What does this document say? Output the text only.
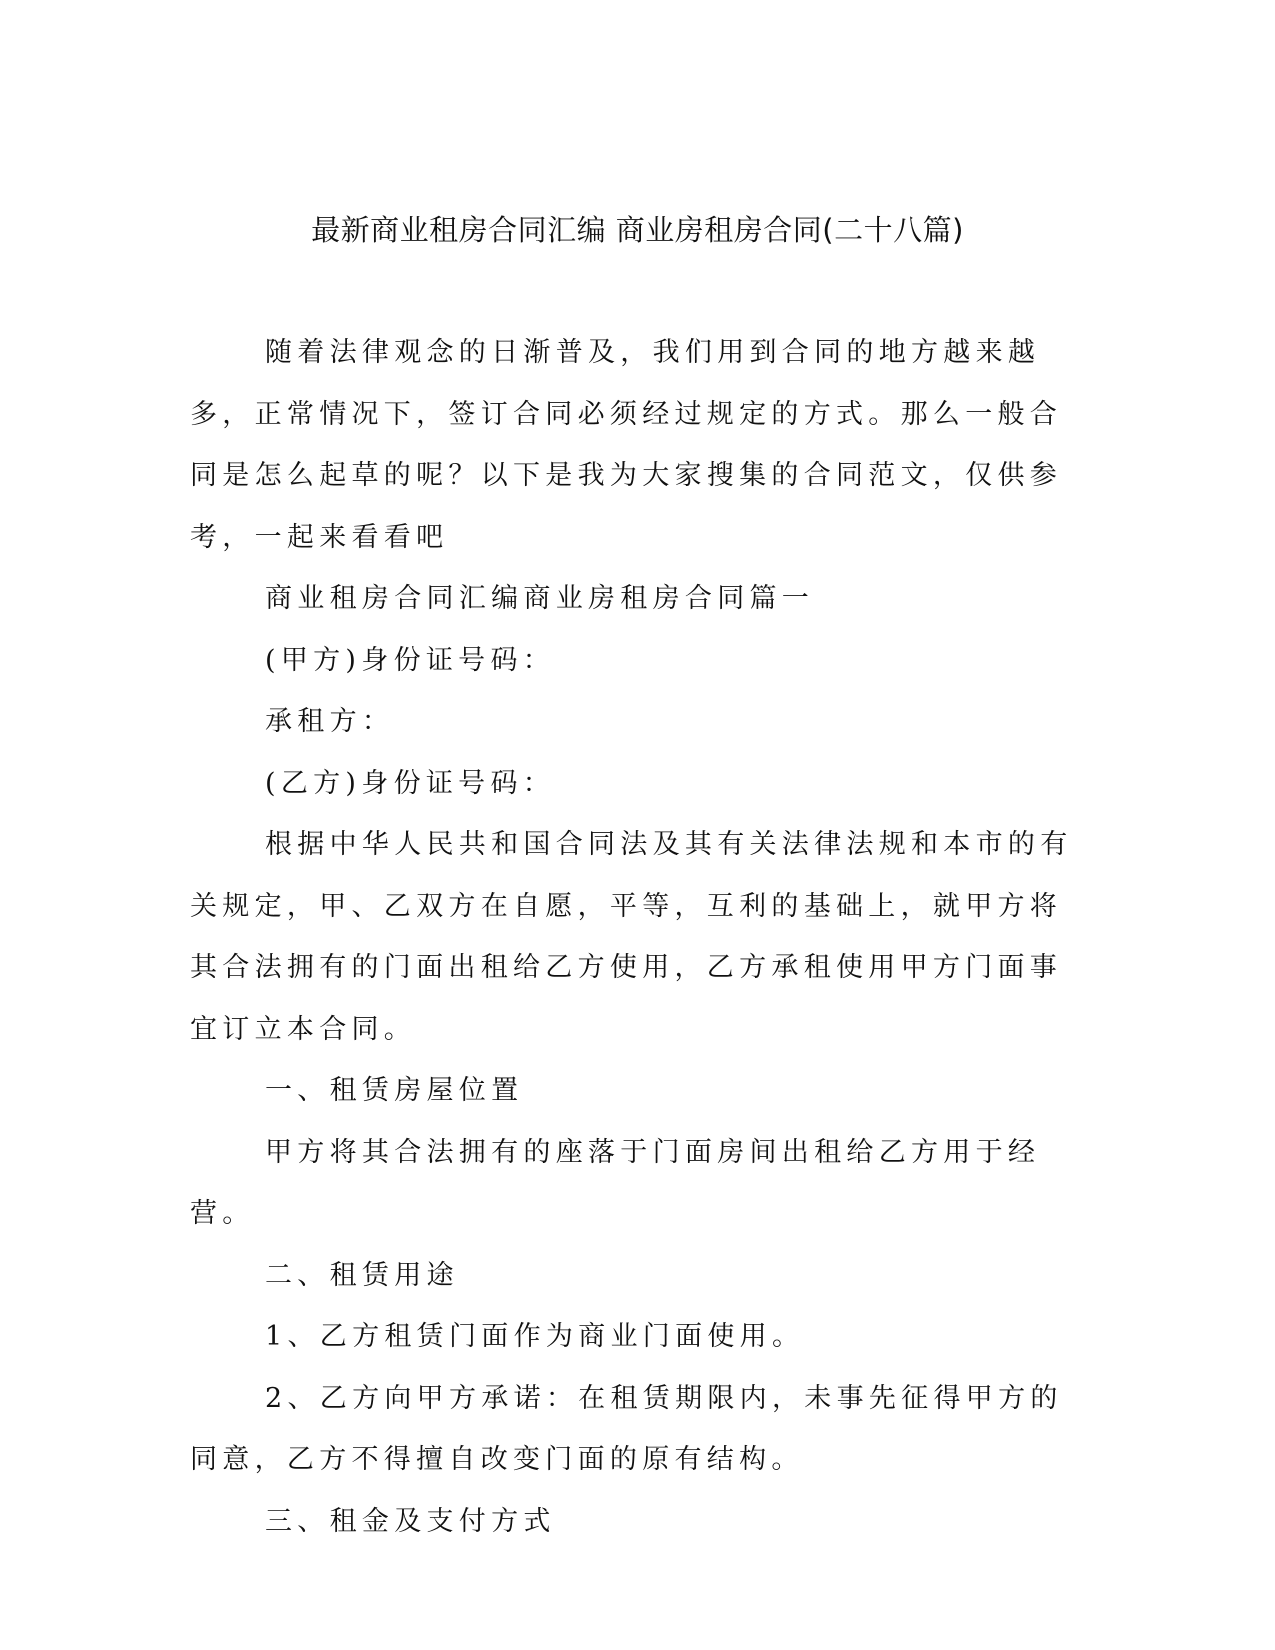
最新商业租房合同汇编 商业房租房合同(二十八篇)

随着法律观念的日渐普及，我们用到合同的地方越来越多，正常情况下，签订合同必须经过规定的方式。那么一般合同是怎么起草的呢？以下是我为大家搜集的合同范文，仅供参考，一起来看看吧

商业租房合同汇编商业房租房合同篇一

(甲方)身份证号码：

承租方：

(乙方)身份证号码：

根据中华人民共和国合同法及其有关法律法规和本市的有关规定，甲、乙双方在自愿，平等，互利的基础上，就甲方将其合法拥有的门面出租给乙方使用，乙方承租使用甲方门面事宜订立本合同。

一、租赁房屋位置

甲方将其合法拥有的座落于门面房间出租给乙方用于经营。

二、租赁用途

1、乙方租赁门面作为商业门面使用。

2、乙方向甲方承诺：在租赁期限内，未事先征得甲方的同意，乙方不得擅自改变门面的原有结构。

三、租金及支付方式
